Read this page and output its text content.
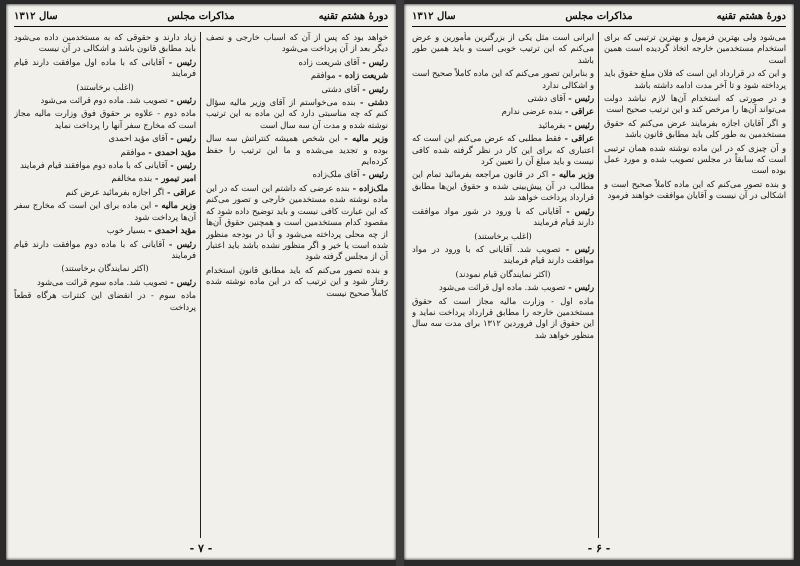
دورهٔ هشتم تقنیه
مذاکرات مجلس
سال ۱۳۱۲

خواهد بود که پس از آن که اسباب خارجی و نصف دیگر بعد از آن پرداخت می‌شود

رئیس - آقای شریعت زاده

شریعت زاده - موافقم

رئیس - آقای دشتی

دشتی - بنده می‌خواستم از آقای وزیر مالیه سؤال کنم که چه مناسبتی دارد که این ماده به این ترتیب نوشته شده و مدت آن سه سال است

وزیر مالیه - این شخص همیشه کنتراتش سه سال بوده و تجدید می‌شده و ما این ترتیب را حفظ کرده‌ایم

رئیس - آقای ملک‌زاده

ملک‌زاده - بنده عرضی که داشتم این است که در این ماده نوشته شده مستخدمین خارجی و تصور می‌کنم که این عبارت کافی نیست و باید توضیح داده شود که مقصود کدام مستخدمین است و همچنین حقوق آن‌ها از چه محلی پرداخته می‌شود و آیا در بودجه منظور شده است یا خیر و اگر منظور نشده باشد باید اعتبار آن از مجلس گرفته شود

و بنده تصور می‌کنم که باید مطابق قانون استخدام رفتار شود و این ترتیب که در این ماده نوشته شده کاملاً صحیح نیست

زیاد دارند و حقوقی که به مستخدمین داده می‌شود باید مطابق قانون باشد و اشکالی در آن نیست

رئیس - آقایانی که با ماده اول موافقت دارند قیام فرمایند

(اغلب برخاستند)

رئیس - تصویب شد. ماده دوم قرائت می‌شود

ماده دوم - علاوه بر حقوق فوق وزارت مالیه مجاز است که مخارج سفر آنها را پرداخت نماید

رئیس - آقای مؤید احمدی

مؤید احمدی - موافقم

رئیس - آقایانی که با ماده دوم موافقند قیام فرمایند

امیر تیمور - بنده مخالفم

عراقی - اگر اجازه بفرمائید عرض کنم

وزیر مالیه - این ماده برای این است که مخارج سفر آن‌ها پرداخت شود

مؤید احمدی - بسیار خوب

رئیس - آقایانی که با ماده دوم موافقت دارند قیام فرمایند

(اکثر نمایندگان برخاستند)

رئیس - تصویب شد. ماده سوم قرائت می‌شود

ماده سوم - در انقضای این کنترات هرگاه قطعاً پرداخت

- ۷ -
دورهٔ هشتم تقنیه
مذاکرات مجلس
سال ۱۳۱۲

می‌شود ولی بهترین فرمول و بهترین ترتیبی که برای استخدام مستخدمین خارجه اتخاذ گردیده است همین است

و این که در قرارداد این است که فلان مبلغ حقوق باید پرداخته شود و تا آخر مدت ادامه داشته باشد

و در صورتی که استخدام آن‌ها لازم نباشد دولت می‌تواند آن‌ها را مرخص کند و این ترتیب صحیح است

و اگر آقایان اجازه بفرمایند عرض می‌کنم که حقوق مستخدمین به طور کلی باید مطابق قانون باشد

و آن چیزی که در این ماده نوشته شده همان ترتیبی است که سابقاً در مجلس تصویب شده و مورد عمل بوده است

و بنده تصور می‌کنم که این ماده کاملاً صحیح است و اشکالی در آن نیست و آقایان موافقت خواهند فرمود

ایرانی است مثل یکی از بزرگترین مأمورین و عرض می‌کنم که این ترتیب خوبی است و باید همین طور باشد

و بنابراین تصور می‌کنم که این ماده کاملاً صحیح است و اشکالی ندارد

رئیس - آقای دشتی

عراقی - بنده عرضی ندارم

رئیس - بفرمائید

عراقی - فقط مطلبی که عرض می‌کنم این است که اعتباری که برای این کار در نظر گرفته شده کافی نیست و باید مبلغ آن را تعیین کرد

وزیر مالیه - اکر در قانون مراجعه بفرمائید تمام این مطالب در آن پیش‌بینی شده و حقوق این‌ها مطابق قرارداد پرداخت خواهد شد

رئیس - آقایانی که با ورود در شور مواد موافقت دارند قیام فرمایند

(اغلب برخاستند)

رئیس - تصویب شد. آقایانی که با ورود در مواد موافقت دارند قیام فرمایند

(اکثر نمایندگان قیام نمودند)

رئیس - تصویب شد. ماده اول قرائت می‌شود

ماده اول - وزارت مالیه مجاز است که حقوق مستخدمین خارجه را مطابق قرارداد پرداخت نماید و این حقوق از اول فروردین ۱۳۱۲ برای مدت سه سال منظور خواهد شد

- ۶ -
